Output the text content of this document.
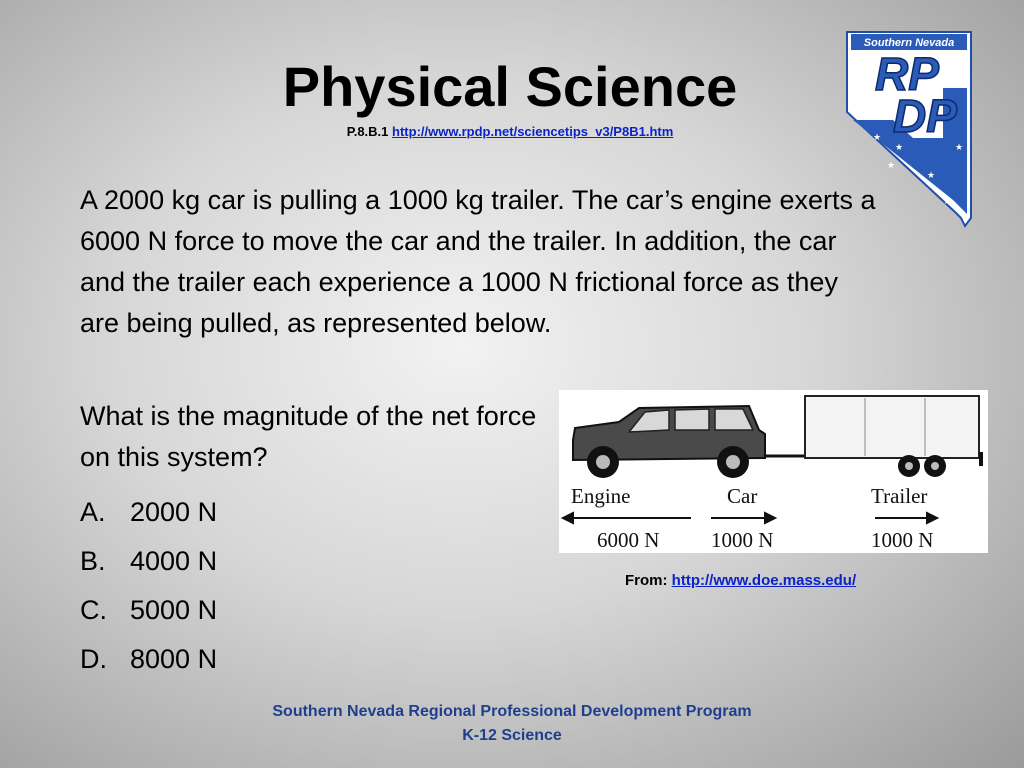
Physical Science
P.8.B.1 http://www.rpdp.net/sciencetips_v3/P8B1.htm
Southern Nevada
RP
DP
★
★
★
★
★
★
A 2000 kg car is pulling a 1000 kg trailer. The car’s engine exerts a 6000 N force to move the car and the trailer. In addition, the car and the trailer each experience a 1000 N frictional force as they are being pulled, as represented below.
What is the magnitude of the net force on this system?
A. 2000 N
B. 4000 N
C. 5000 N
D. 8000 N
Engine	Car	Trailer
6000 N 1000 N	1000 N
From: http://www.doe.mass.edu/
Southern Nevada Regional Professional Development Program
K-12 Science
